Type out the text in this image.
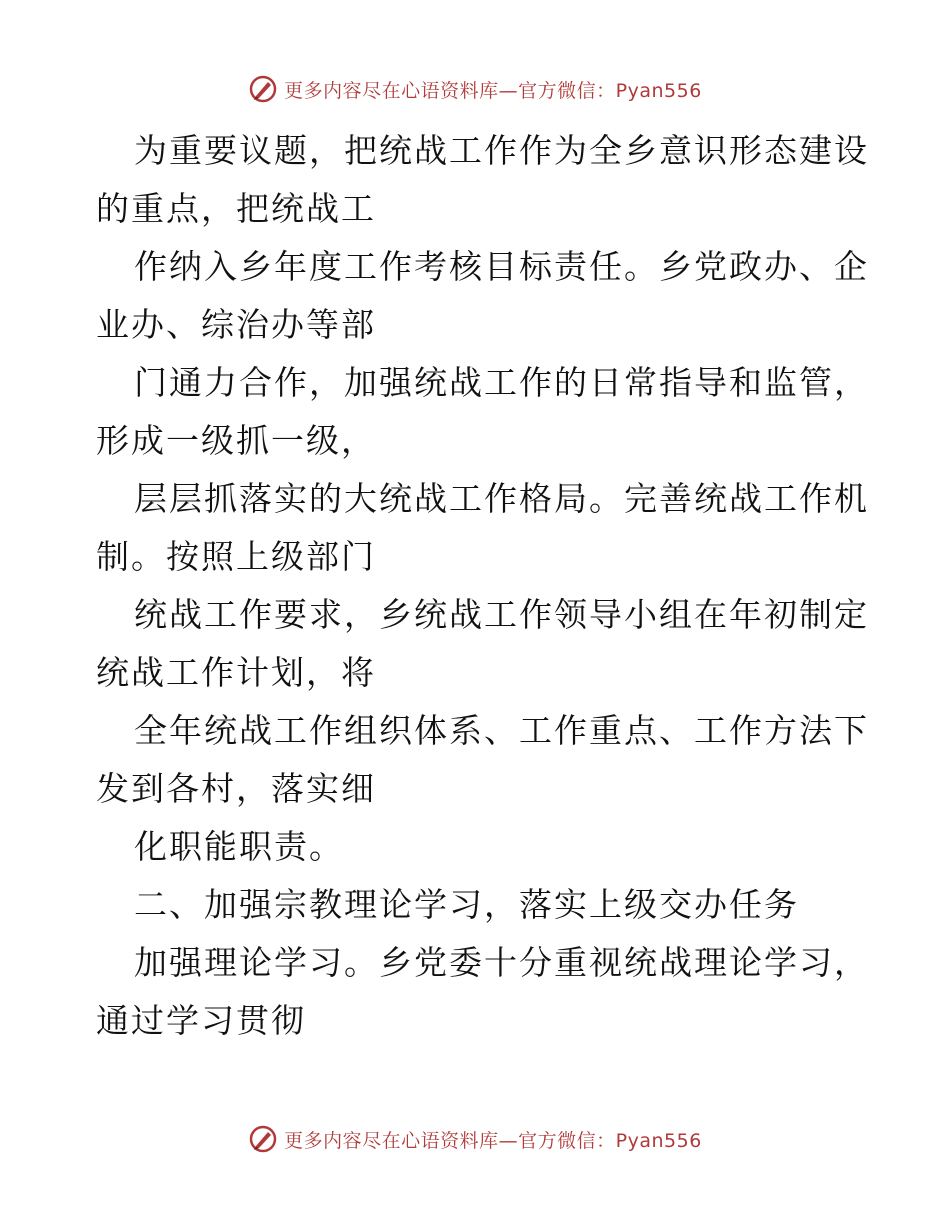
更多内容尽在心语资料库—官方微信：Pyan556
为重要议题，把统战工作作为全乡意识形态建设
的重点，把统战工
作纳入乡年度工作考核目标责任。乡党政办、企
业办、综治办等部
门通力合作，加强统战工作的日常指导和监管，
形成一级抓一级，
层层抓落实的大统战工作格局。完善统战工作机
制。按照上级部门
统战工作要求，乡统战工作领导小组在年初制定
统战工作计划，将
全年统战工作组织体系、工作重点、工作方法下
发到各村，落实细
化职能职责。
二、加强宗教理论学习，落实上级交办任务
加强理论学习。乡党委十分重视统战理论学习，
通过学习贯彻
更多内容尽在心语资料库—官方微信：Pyan556
